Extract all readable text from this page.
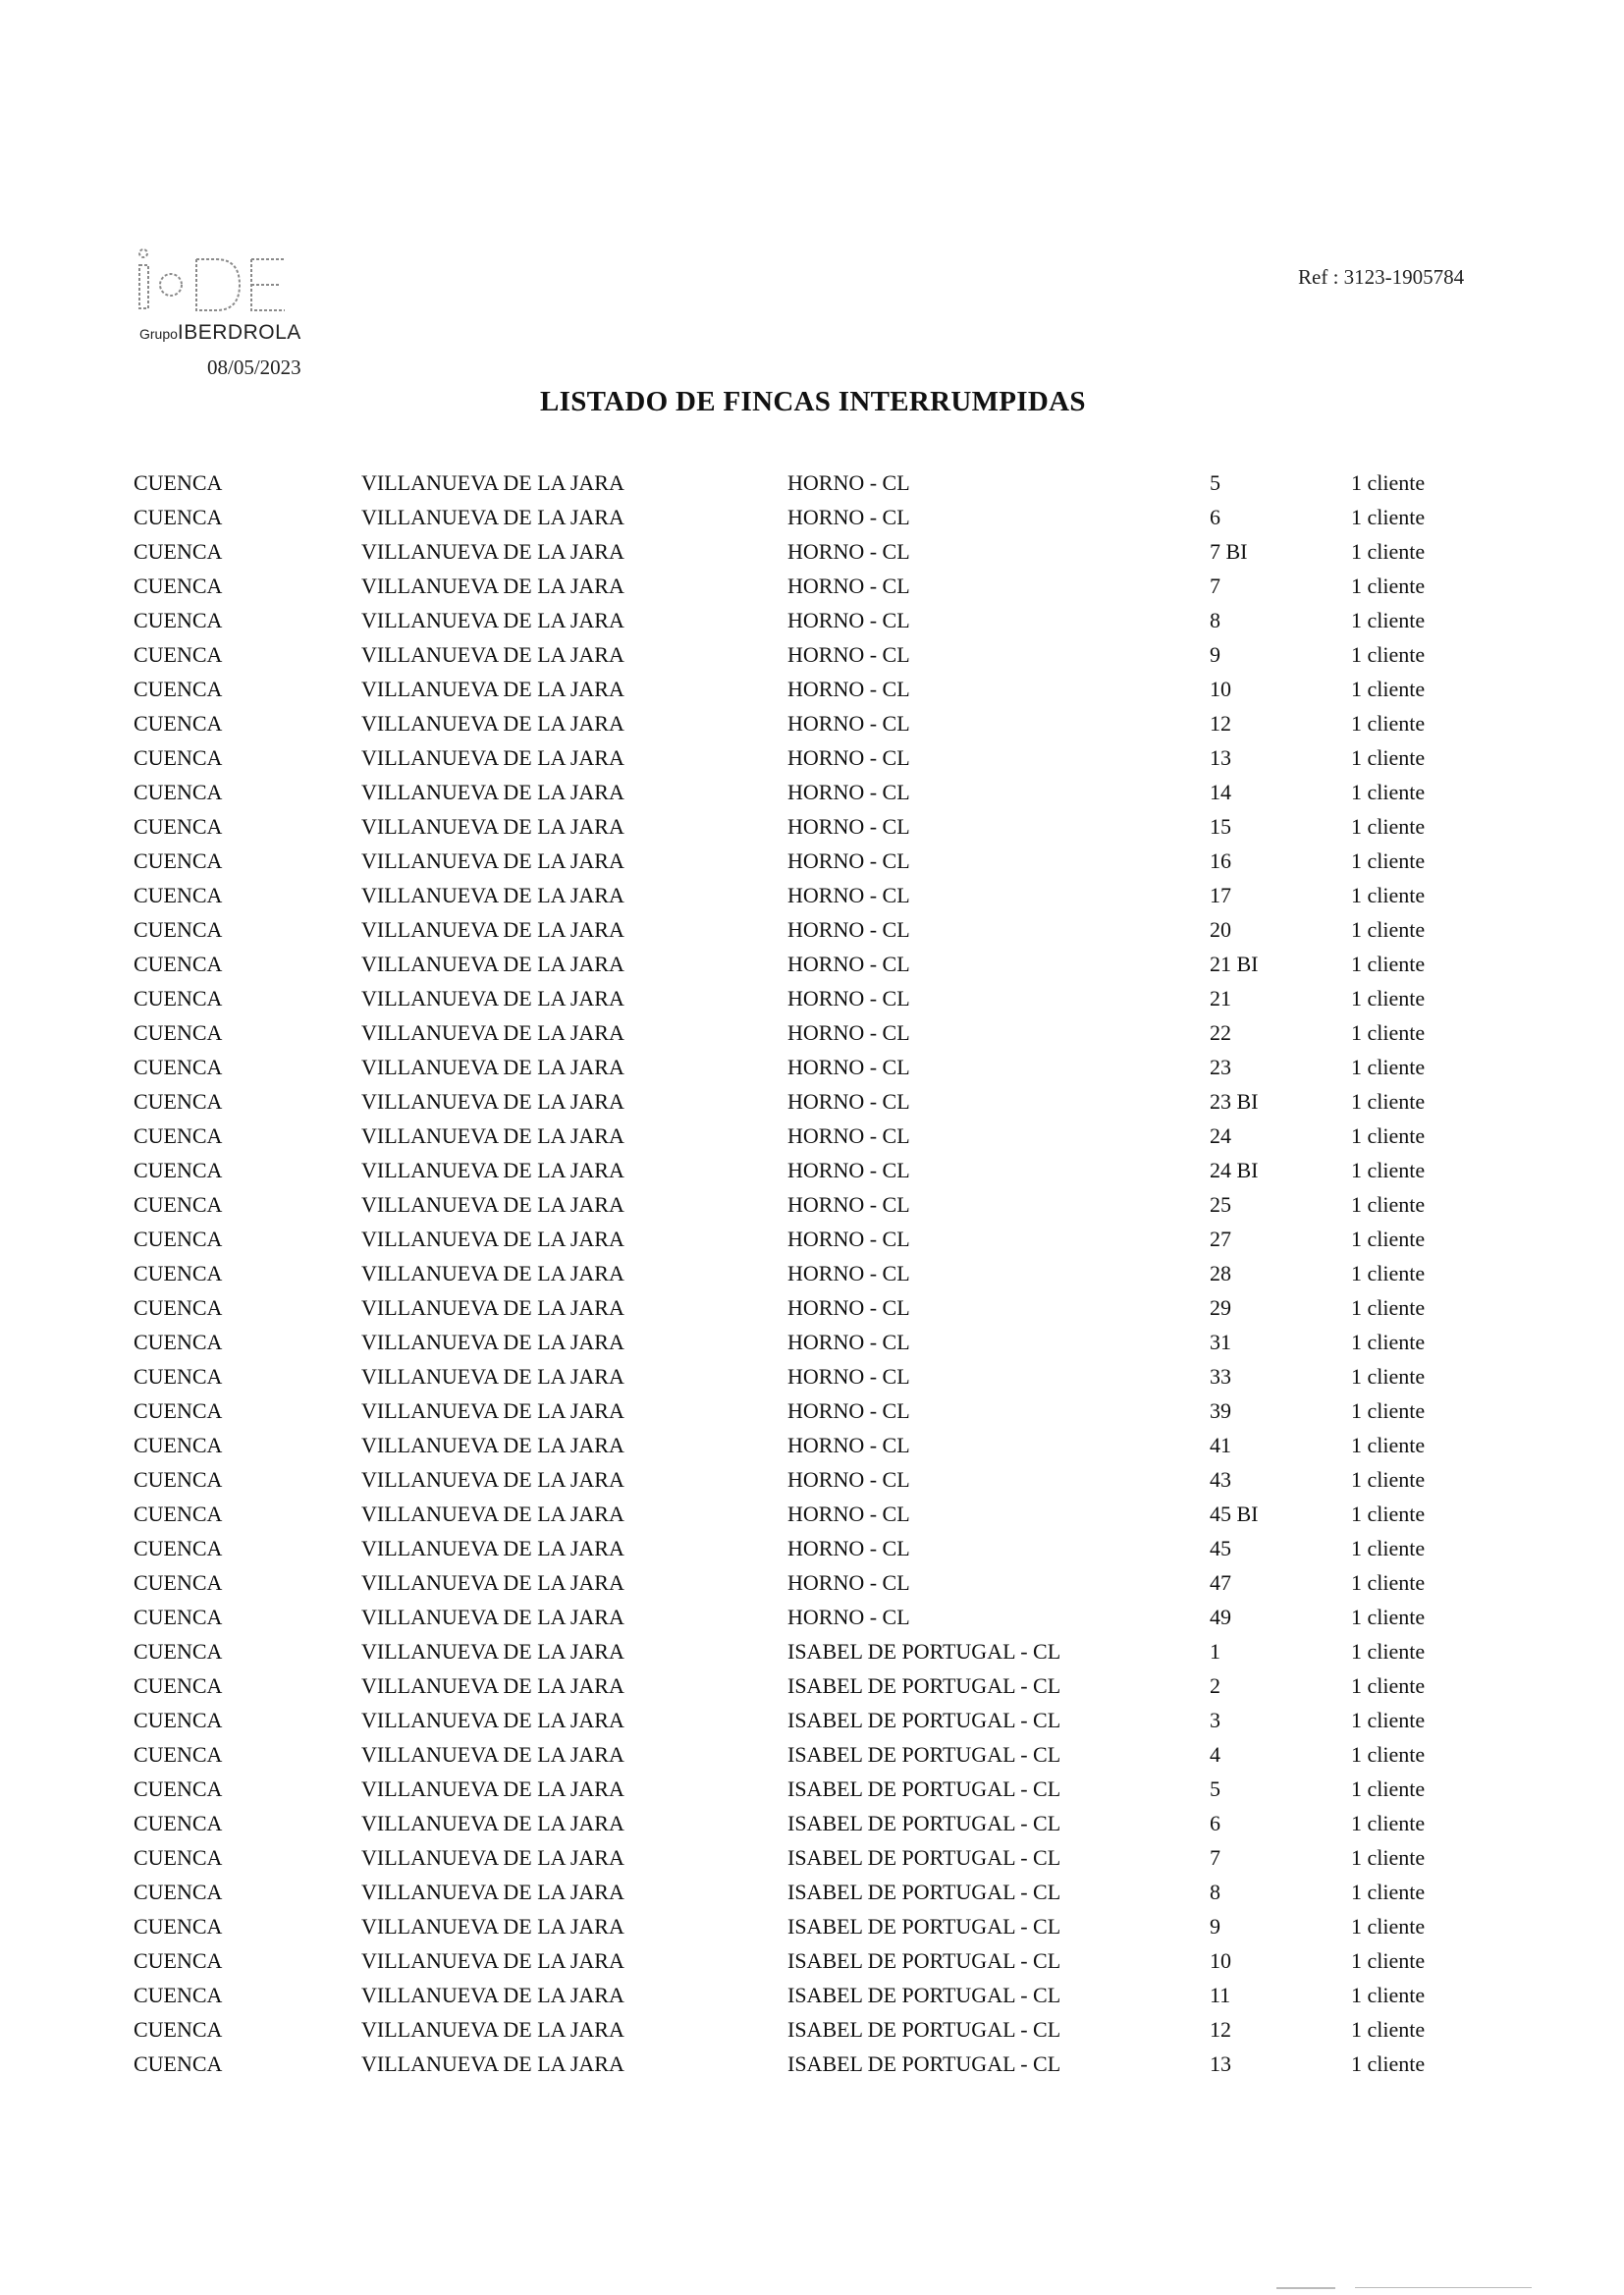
GrupoIBERDROLA
08/05/2023
Ref : 3123-1905784
LISTADO DE FINCAS INTERRUMPIDAS
CUENCA	VILLANUEVA DE LA JARA	HORNO - CL	5	1 cliente
CUENCA	VILLANUEVA DE LA JARA	HORNO - CL	6	1 cliente
CUENCA	VILLANUEVA DE LA JARA	HORNO - CL	7 BI	1 cliente
CUENCA	VILLANUEVA DE LA JARA	HORNO - CL	7	1 cliente
CUENCA	VILLANUEVA DE LA JARA	HORNO - CL	8	1 cliente
CUENCA	VILLANUEVA DE LA JARA	HORNO - CL	9	1 cliente
CUENCA	VILLANUEVA DE LA JARA	HORNO - CL	10	1 cliente
CUENCA	VILLANUEVA DE LA JARA	HORNO - CL	12	1 cliente
CUENCA	VILLANUEVA DE LA JARA	HORNO - CL	13	1 cliente
CUENCA	VILLANUEVA DE LA JARA	HORNO - CL	14	1 cliente
CUENCA	VILLANUEVA DE LA JARA	HORNO - CL	15	1 cliente
CUENCA	VILLANUEVA DE LA JARA	HORNO - CL	16	1 cliente
CUENCA	VILLANUEVA DE LA JARA	HORNO - CL	17	1 cliente
CUENCA	VILLANUEVA DE LA JARA	HORNO - CL	20	1 cliente
CUENCA	VILLANUEVA DE LA JARA	HORNO - CL	21 BI	1 cliente
CUENCA	VILLANUEVA DE LA JARA	HORNO - CL	21	1 cliente
CUENCA	VILLANUEVA DE LA JARA	HORNO - CL	22	1 cliente
CUENCA	VILLANUEVA DE LA JARA	HORNO - CL	23	1 cliente
CUENCA	VILLANUEVA DE LA JARA	HORNO - CL	23 BI	1 cliente
CUENCA	VILLANUEVA DE LA JARA	HORNO - CL	24	1 cliente
CUENCA	VILLANUEVA DE LA JARA	HORNO - CL	24 BI	1 cliente
CUENCA	VILLANUEVA DE LA JARA	HORNO - CL	25	1 cliente
CUENCA	VILLANUEVA DE LA JARA	HORNO - CL	27	1 cliente
CUENCA	VILLANUEVA DE LA JARA	HORNO - CL	28	1 cliente
CUENCA	VILLANUEVA DE LA JARA	HORNO - CL	29	1 cliente
CUENCA	VILLANUEVA DE LA JARA	HORNO - CL	31	1 cliente
CUENCA	VILLANUEVA DE LA JARA	HORNO - CL	33	1 cliente
CUENCA	VILLANUEVA DE LA JARA	HORNO - CL	39	1 cliente
CUENCA	VILLANUEVA DE LA JARA	HORNO - CL	41	1 cliente
CUENCA	VILLANUEVA DE LA JARA	HORNO - CL	43	1 cliente
CUENCA	VILLANUEVA DE LA JARA	HORNO - CL	45 BI	1 cliente
CUENCA	VILLANUEVA DE LA JARA	HORNO - CL	45	1 cliente
CUENCA	VILLANUEVA DE LA JARA	HORNO - CL	47	1 cliente
CUENCA	VILLANUEVA DE LA JARA	HORNO - CL	49	1 cliente
CUENCA	VILLANUEVA DE LA JARA	ISABEL DE PORTUGAL - CL	1	1 cliente
CUENCA	VILLANUEVA DE LA JARA	ISABEL DE PORTUGAL - CL	2	1 cliente
CUENCA	VILLANUEVA DE LA JARA	ISABEL DE PORTUGAL - CL	3	1 cliente
CUENCA	VILLANUEVA DE LA JARA	ISABEL DE PORTUGAL - CL	4	1 cliente
CUENCA	VILLANUEVA DE LA JARA	ISABEL DE PORTUGAL - CL	5	1 cliente
CUENCA	VILLANUEVA DE LA JARA	ISABEL DE PORTUGAL - CL	6	1 cliente
CUENCA	VILLANUEVA DE LA JARA	ISABEL DE PORTUGAL - CL	7	1 cliente
CUENCA	VILLANUEVA DE LA JARA	ISABEL DE PORTUGAL - CL	8	1 cliente
CUENCA	VILLANUEVA DE LA JARA	ISABEL DE PORTUGAL - CL	9	1 cliente
CUENCA	VILLANUEVA DE LA JARA	ISABEL DE PORTUGAL - CL	10	1 cliente
CUENCA	VILLANUEVA DE LA JARA	ISABEL DE PORTUGAL - CL	11	1 cliente
CUENCA	VILLANUEVA DE LA JARA	ISABEL DE PORTUGAL - CL	12	1 cliente
CUENCA	VILLANUEVA DE LA JARA	ISABEL DE PORTUGAL - CL	13	1 cliente
